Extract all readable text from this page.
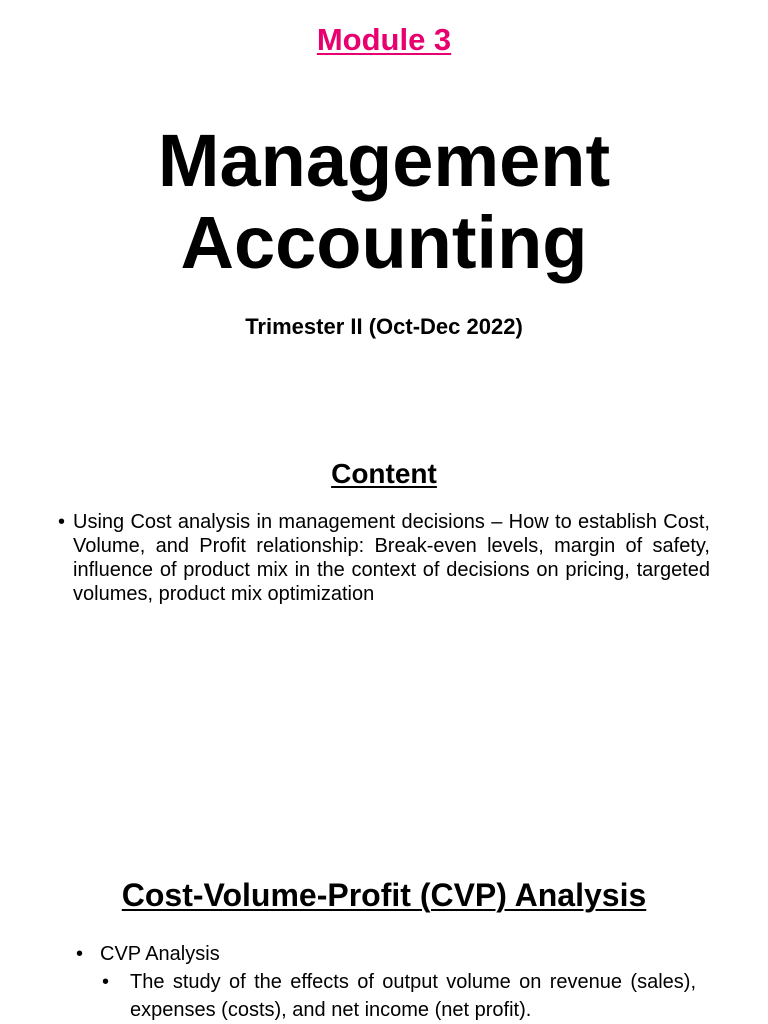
Module 3
Management
Accounting
Trimester II (Oct-Dec 2022)
Content
• Using Cost analysis in management decisions – How to establish Cost, Volume, and Profit relationship: Break-even levels, margin of safety, influence of product mix in the context of decisions on pricing, targeted volumes, product mix optimization
Cost-Volume-Profit (CVP) Analysis
• CVP Analysis
• The study of the effects of output volume on revenue (sales), expenses (costs), and net income (net profit).
